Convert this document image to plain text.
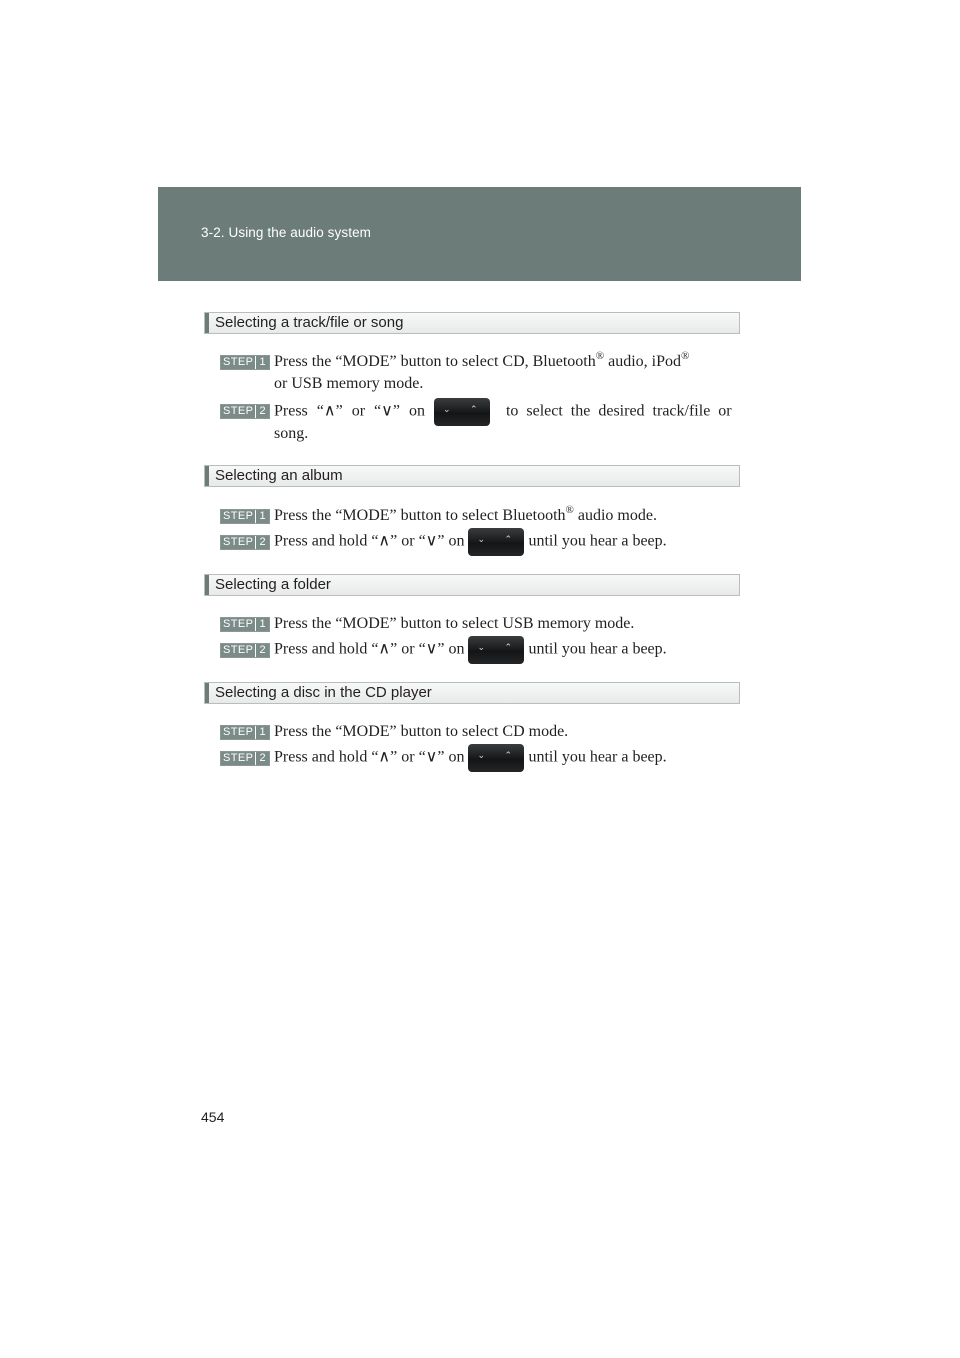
3-2. Using the audio system
Selecting a track/file or song
STEP 1 Press the “MODE” button to select CD, Bluetooth® audio, iPod®
or USB memory mode.
STEP 2 Press “∧” or “∨” on ⌄ ⌃ to select the desired track/file or
song.
Selecting an album
STEP 1 Press the “MODE” button to select Bluetooth® audio mode.
STEP 2 Press and hold “∧” or “∨” on ⌄ ⌃ until you hear a beep.
Selecting a folder
STEP 1 Press the “MODE” button to select USB memory mode.
STEP 2 Press and hold “∧” or “∨” on ⌄ ⌃ until you hear a beep.
Selecting a disc in the CD player
STEP 1 Press the “MODE” button to select CD mode.
STEP 2 Press and hold “∧” or “∨” on ⌄ ⌃ until you hear a beep.
454
